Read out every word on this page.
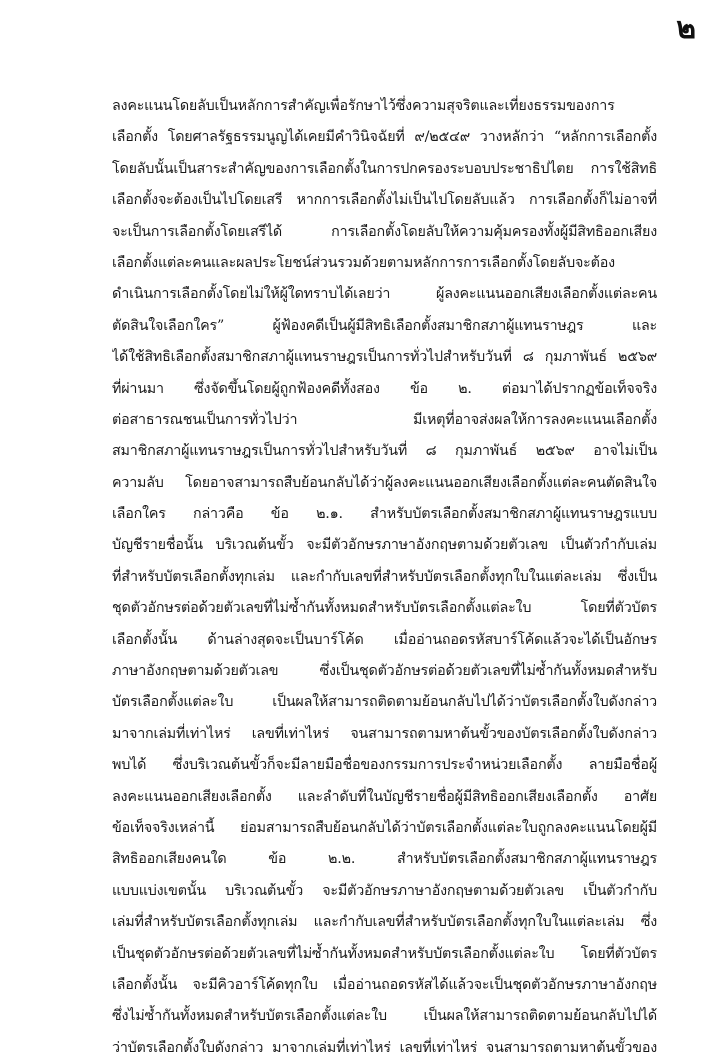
๒
ลงคะแนนโดยลับเป็นหลักการสำคัญเพื่อรักษาไว้ซึ่งความสุจริตและเที่ยงธรรมของการ
เลือกตั้ง โดยศาลรัฐธรรมนูญได้เคยมีคำวินิจฉัยที่ ๙/๒๕๔๙ วางหลักว่า “หลักการเลือกตั้ง
โดยลับนั้นเป็นสาระสำคัญของการเลือกตั้งในการปกครองระบอบประชาธิปไตย การใช้สิทธิ
เลือกตั้งจะต้องเป็นไปโดยเสรี หากการเลือกตั้งไม่เป็นไปโดยลับแล้ว การเลือกตั้งก็ไม่อาจที่
จะเป็นการเลือกตั้งโดยเสรีได้ การเลือกตั้งโดยลับให้ความคุ้มครองทั้งผู้มีสิทธิออกเสียง
เลือกตั้งแต่ละคนและผลประโยชน์ส่วนรวมด้วยตามหลักการการเลือกตั้งโดยลับจะต้อง
ดำเนินการเลือกตั้งโดยไม่ให้ผู้ใดทราบได้เลยว่า ผู้ลงคะแนนออกเสียงเลือกตั้งแต่ละคน
ตัดสินใจเลือกใคร” ผู้ฟ้องคดีเป็นผู้มีสิทธิเลือกตั้งสมาชิกสภาผู้แทนราษฎร และ
ได้ใช้สิทธิเลือกตั้งสมาชิกสภาผู้แทนราษฎรเป็นการทั่วไปสำหรับวันที่ ๘ กุมภาพันธ์ ๒๕๖๙
ที่ผ่านมา ซึ่งจัดขึ้นโดยผู้ถูกฟ้องคดีทั้งสอง ข้อ ๒. ต่อมาได้ปรากฏข้อเท็จจริง
ต่อสาธารณชนเป็นการทั่วไปว่า มีเหตุที่อาจส่งผลให้การลงคะแนนเลือกตั้ง
สมาชิกสภาผู้แทนราษฎรเป็นการทั่วไปสำหรับวันที่ ๘ กุมภาพันธ์ ๒๕๖๙ อาจไม่เป็น
ความลับ โดยอาจสามารถสืบย้อนกลับได้ว่าผู้ลงคะแนนออกเสียงเลือกตั้งแต่ละคนตัดสินใจ
เลือกใคร กล่าวคือ ข้อ ๒.๑. สำหรับบัตรเลือกตั้งสมาชิกสภาผู้แทนราษฎรแบบ
บัญชีรายชื่อนั้น บริเวณต้นขั้ว จะมีตัวอักษรภาษาอังกฤษตามด้วยตัวเลข เป็นตัวกำกับเล่ม
ที่สำหรับบัตรเลือกตั้งทุกเล่ม และกำกับเลขที่สำหรับบัตรเลือกตั้งทุกใบในแต่ละเล่ม ซึ่งเป็น
ชุดตัวอักษรต่อด้วยตัวเลขที่ไม่ซ้ำกันทั้งหมดสำหรับบัตรเลือกตั้งแต่ละใบ โดยที่ตัวบัตร
เลือกตั้งนั้น ด้านล่างสุดจะเป็นบาร์โค้ด เมื่ออ่านถอดรหัสบาร์โค้ดแล้วจะได้เป็นอักษร
ภาษาอังกฤษตามด้วยตัวเลข ซึ่งเป็นชุดตัวอักษรต่อด้วยตัวเลขที่ไม่ซ้ำกันทั้งหมดสำหรับ
บัตรเลือกตั้งแต่ละใบ เป็นผลให้สามารถติดตามย้อนกลับไปได้ว่าบัตรเลือกตั้งใบดังกล่าว
มาจากเล่มที่เท่าไหร่ เลขที่เท่าไหร่ จนสามารถตามหาต้นขั้วของบัตรเลือกตั้งใบดังกล่าว
พบได้ ซึ่งบริเวณต้นขั้วก็จะมีลายมือชื่อของกรรมการประจำหน่วยเลือกตั้ง ลายมือชื่อผู้
ลงคะแนนออกเสียงเลือกตั้ง และลำดับที่ในบัญชีรายชื่อผู้มีสิทธิออกเสียงเลือกตั้ง อาศัย
ข้อเท็จจริงเหล่านี้ ย่อมสามารถสืบย้อนกลับได้ว่าบัตรเลือกตั้งแต่ละใบถูกลงคะแนนโดยผู้มี
สิทธิออกเสียงคนใด ข้อ ๒.๒. สำหรับบัตรเลือกตั้งสมาชิกสภาผู้แทนราษฎร
แบบแบ่งเขตนั้น บริเวณต้นขั้ว จะมีตัวอักษรภาษาอังกฤษตามด้วยตัวเลข เป็นตัวกำกับ
เล่มที่สำหรับบัตรเลือกตั้งทุกเล่ม และกำกับเลขที่สำหรับบัตรเลือกตั้งทุกใบในแต่ละเล่ม ซึ่ง
เป็นชุดตัวอักษรต่อด้วยตัวเลขที่ไม่ซ้ำกันทั้งหมดสำหรับบัตรเลือกตั้งแต่ละใบ โดยที่ตัวบัตร
เลือกตั้งนั้น จะมีคิวอาร์โค้ดทุกใบ เมื่ออ่านถอดรหัสได้แล้วจะเป็นชุดตัวอักษรภาษาอังกฤษ
ซึ่งไม่ซ้ำกันทั้งหมดสำหรับบัตรเลือกตั้งแต่ละใบ เป็นผลให้สามารถติดตามย้อนกลับไปได้
ว่าบัตรเลือกตั้งใบดังกล่าว มาจากเล่มที่เท่าไหร่ เลขที่เท่าไหร่ จนสามารถตามหาต้นขั้วของ
